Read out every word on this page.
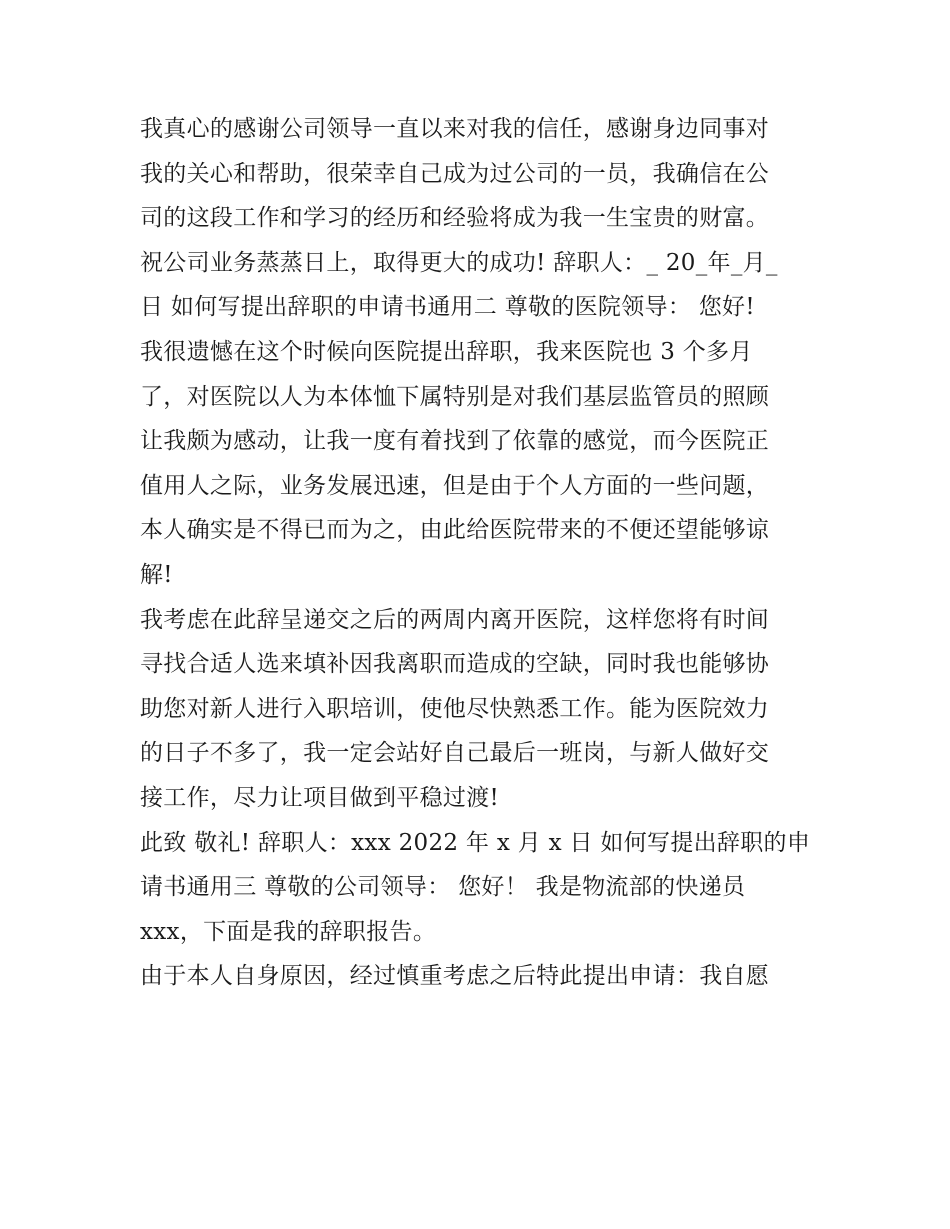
我真心的感谢公司领导一直以来对我的信任，感谢身边同事对
我的关心和帮助，很荣幸自己成为过公司的一员，我确信在公
司的这段工作和学习的经历和经验将成为我一生宝贵的财富。
祝公司业务蒸蒸日上，取得更大的成功! 辞职人：_ 20_年_月_
日 如何写提出辞职的申请书通用二 尊敬的医院领导： 您好!
我很遗憾在这个时候向医院提出辞职，我来医院也 3 个多月
了，对医院以人为本体恤下属特别是对我们基层监管员的照顾
让我颇为感动，让我一度有着找到了依靠的感觉，而今医院正
值用人之际，业务发展迅速，但是由于个人方面的一些问题，
本人确实是不得已而为之，由此给医院带来的不便还望能够谅
解!
我考虑在此辞呈递交之后的两周内离开医院，这样您将有时间
寻找合适人选来填补因我离职而造成的空缺，同时我也能够协
助您对新人进行入职培训，使他尽快熟悉工作。能为医院效力
的日子不多了，我一定会站好自己最后一班岗，与新人做好交
接工作，尽力让项目做到平稳过渡!
此致 敬礼! 辞职人：xxx 2022 年 x 月 x 日 如何写提出辞职的申
请书通用三 尊敬的公司领导： 您好！ 我是物流部的快递员
xxx，下面是我的辞职报告。
由于本人自身原因，经过慎重考虑之后特此提出申请：我自愿
